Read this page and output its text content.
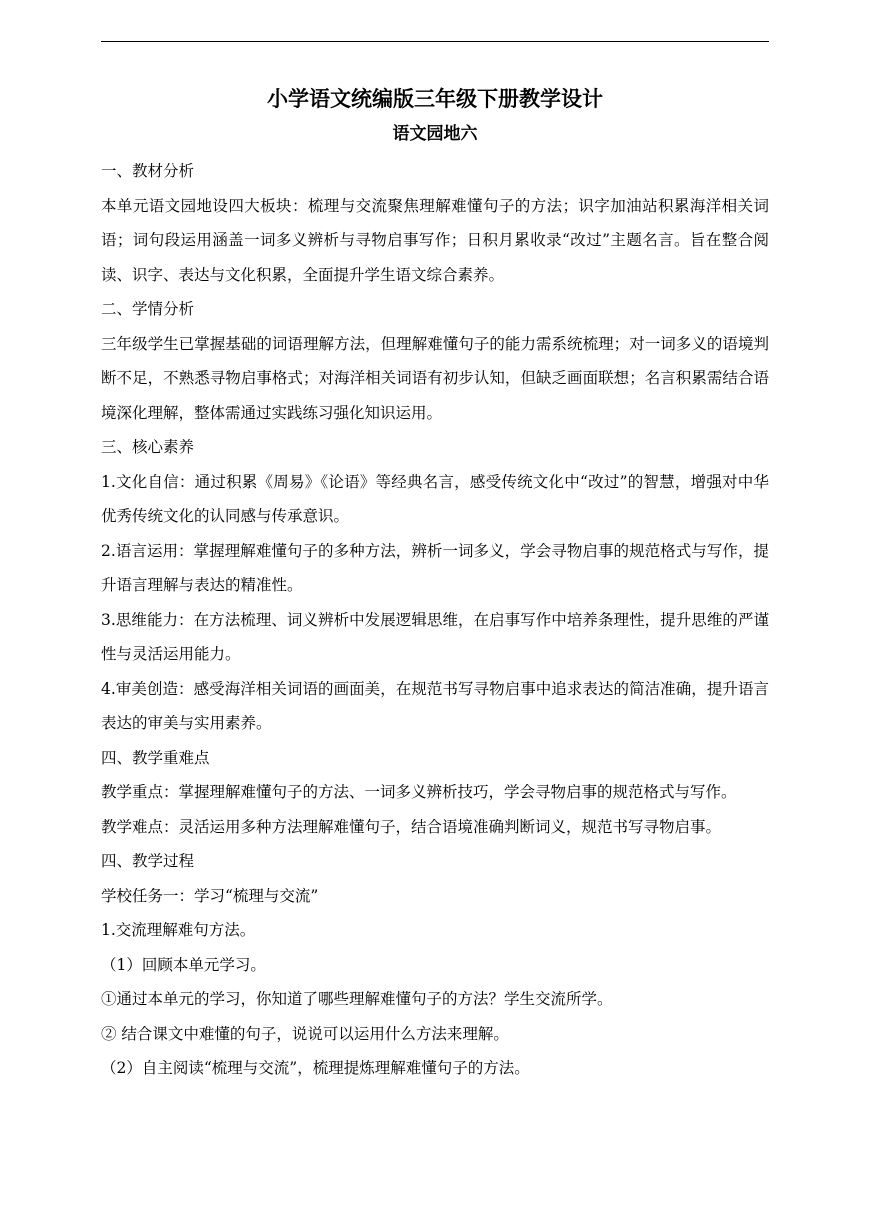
小学语文统编版三年级下册教学设计
语文园地六

一、教材分析

本单元语文园地设四大板块：梳理与交流聚焦理解难懂句子的方法；识字加油站积累海洋相关词语；词句段运用涵盖一词多义辨析与寻物启事写作；日积月累收录“改过”主题名言。旨在整合阅读、识字、表达与文化积累，全面提升学生语文综合素养。

二、学情分析

三年级学生已掌握基础的词语理解方法，但理解难懂句子的能力需系统梳理；对一词多义的语境判断不足，不熟悉寻物启事格式；对海洋相关词语有初步认知，但缺乏画面联想；名言积累需结合语境深化理解，整体需通过实践练习强化知识运用。

三、核心素养

1.文化自信：通过积累《周易》《论语》等经典名言，感受传统文化中“改过”的智慧，增强对中华优秀传统文化的认同感与传承意识。

2.语言运用：掌握理解难懂句子的多种方法，辨析一词多义，学会寻物启事的规范格式与写作，提升语言理解与表达的精准性。

3.思维能力：在方法梳理、词义辨析中发展逻辑思维，在启事写作中培养条理性，提升思维的严谨性与灵活运用能力。

4.审美创造：感受海洋相关词语的画面美，在规范书写寻物启事中追求表达的简洁准确，提升语言表达的审美与实用素养。

四、教学重难点

教学重点：掌握理解难懂句子的方法、一词多义辨析技巧，学会寻物启事的规范格式与写作。

教学难点：灵活运用多种方法理解难懂句子，结合语境准确判断词义，规范书写寻物启事。

四、教学过程

学校任务一：学习“梳理与交流”

1.交流理解难句方法。

（1）回顾本单元学习。

①通过本单元的学习，你知道了哪些理解难懂句子的方法？学生交流所学。

② 结合课文中难懂的句子，说说可以运用什么方法来理解。

（2）自主阅读“梳理与交流”，梳理提炼理解难懂句子的方法。
